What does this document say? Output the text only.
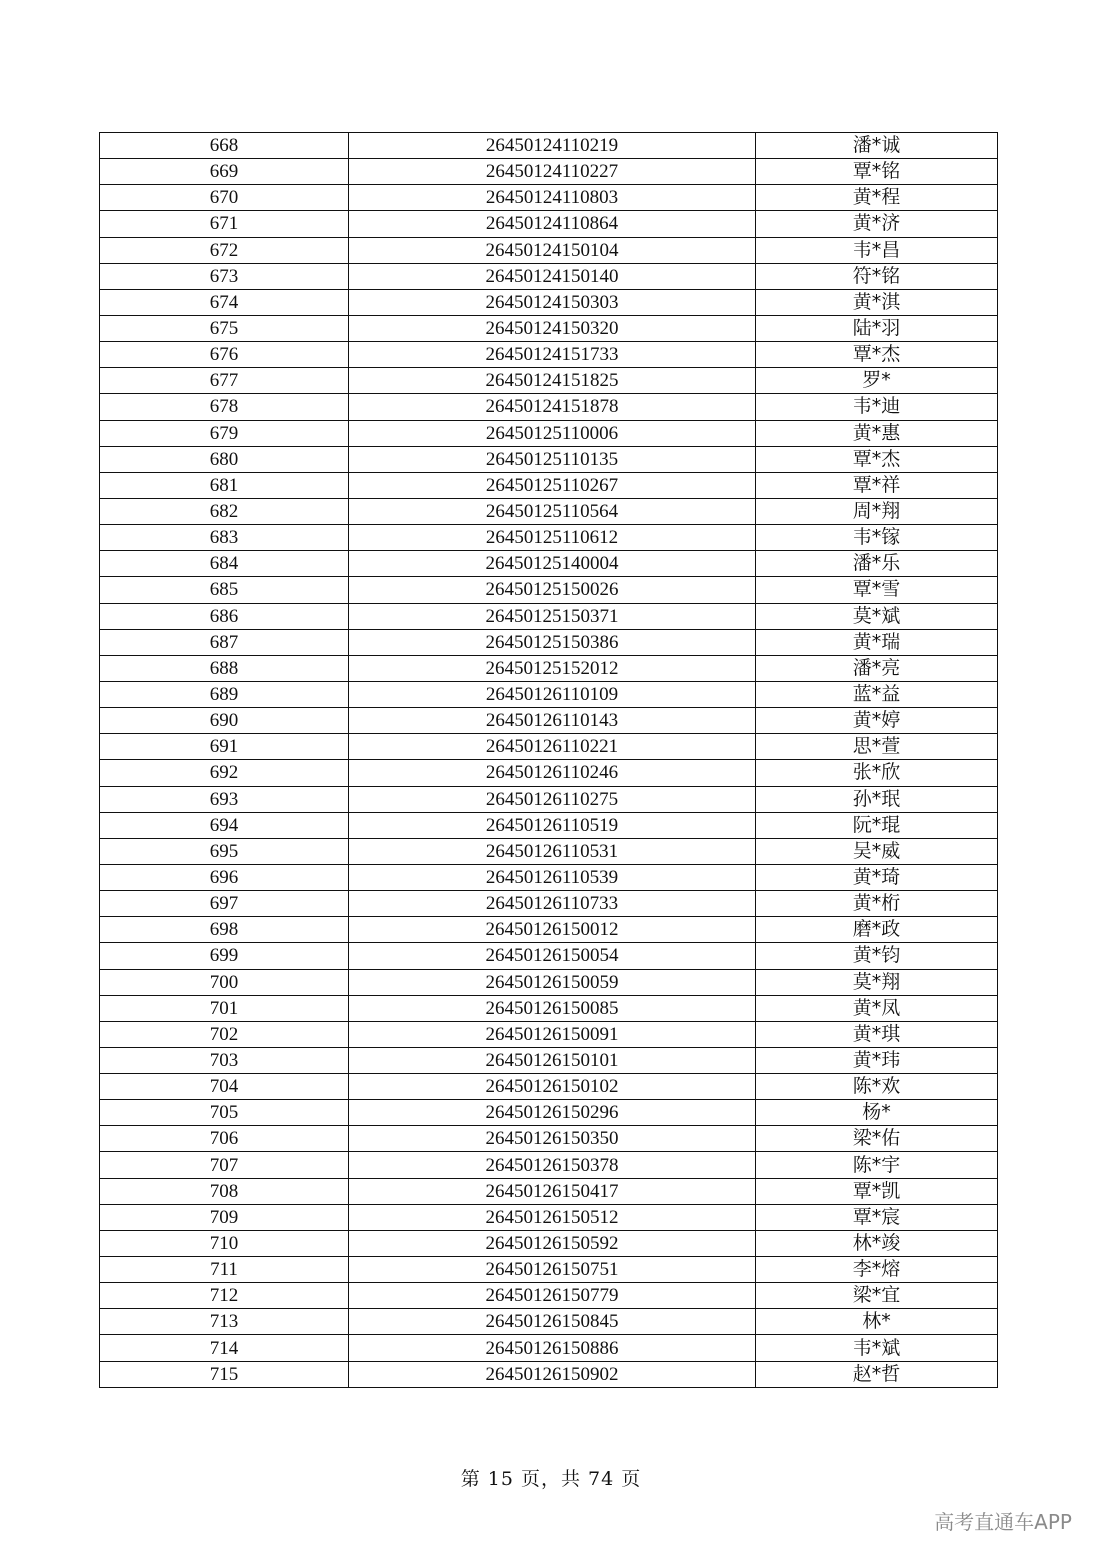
668	26450124110219	潘*诚
669	26450124110227	覃*铭
670	26450124110803	黄*程
671	26450124110864	黄*济
672	26450124150104	韦*昌
673	26450124150140	符*铭
674	26450124150303	黄*淇
675	26450124150320	陆*羽
676	26450124151733	覃*杰
677	26450124151825	罗*
678	26450124151878	韦*迪
679	26450125110006	黄*惠
680	26450125110135	覃*杰
681	26450125110267	覃*祥
682	26450125110564	周*翔
683	26450125110612	韦*镓
684	26450125140004	潘*乐
685	26450125150026	覃*雪
686	26450125150371	莫*斌
687	26450125150386	黄*瑞
688	26450125152012	潘*亮
689	26450126110109	蓝*益
690	26450126110143	黄*婷
691	26450126110221	思*萱
692	26450126110246	张*欣
693	26450126110275	孙*珉
694	26450126110519	阮*琨
695	26450126110531	吴*威
696	26450126110539	黄*琦
697	26450126110733	黄*桁
698	26450126150012	磨*政
699	26450126150054	黄*钧
700	26450126150059	莫*翔
701	26450126150085	黄*凤
702	26450126150091	黄*琪
703	26450126150101	黄*玮
704	26450126150102	陈*欢
705	26450126150296	杨*
706	26450126150350	梁*佑
707	26450126150378	陈*宇
708	26450126150417	覃*凯
709	26450126150512	覃*宸
710	26450126150592	林*竣
711	26450126150751	李*熔
712	26450126150779	梁*宜
713	26450126150845	林*
714	26450126150886	韦*斌
715	26450126150902	赵*哲
第 15 页，共 74 页
高考直通车APP
